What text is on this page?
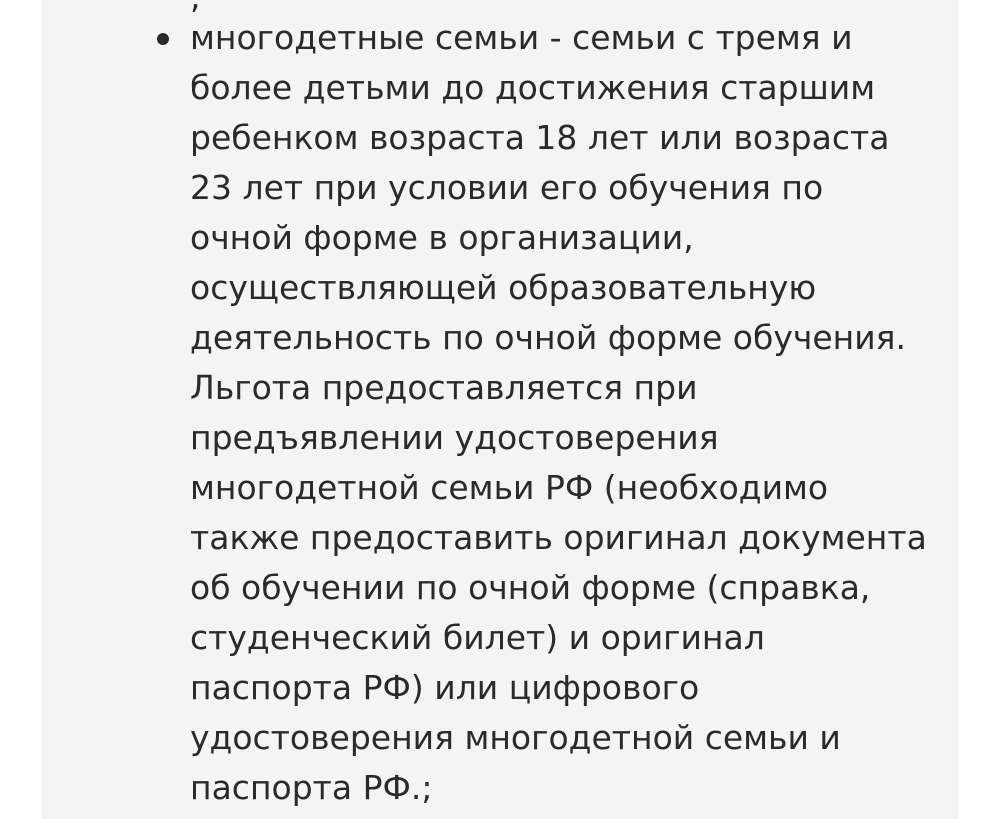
многодетные семьи - семьи с тремя и
более детьми до достижения старшим
ребенком возраста 18 лет или возраста
23 лет при условии его обучения по
очной форме в организации,
осуществляющей образовательную
деятельность по очной форме обучения.
Льгота предоставляется при
предъявлении удостоверения
многодетной семьи РФ (необходимо
также предоставить оригинал документа
об обучении по очной форме (справка,
студенческий билет) и оригинал
паспорта РФ) или цифрового
удостоверения многодетной семьи и
паспорта РФ.;
